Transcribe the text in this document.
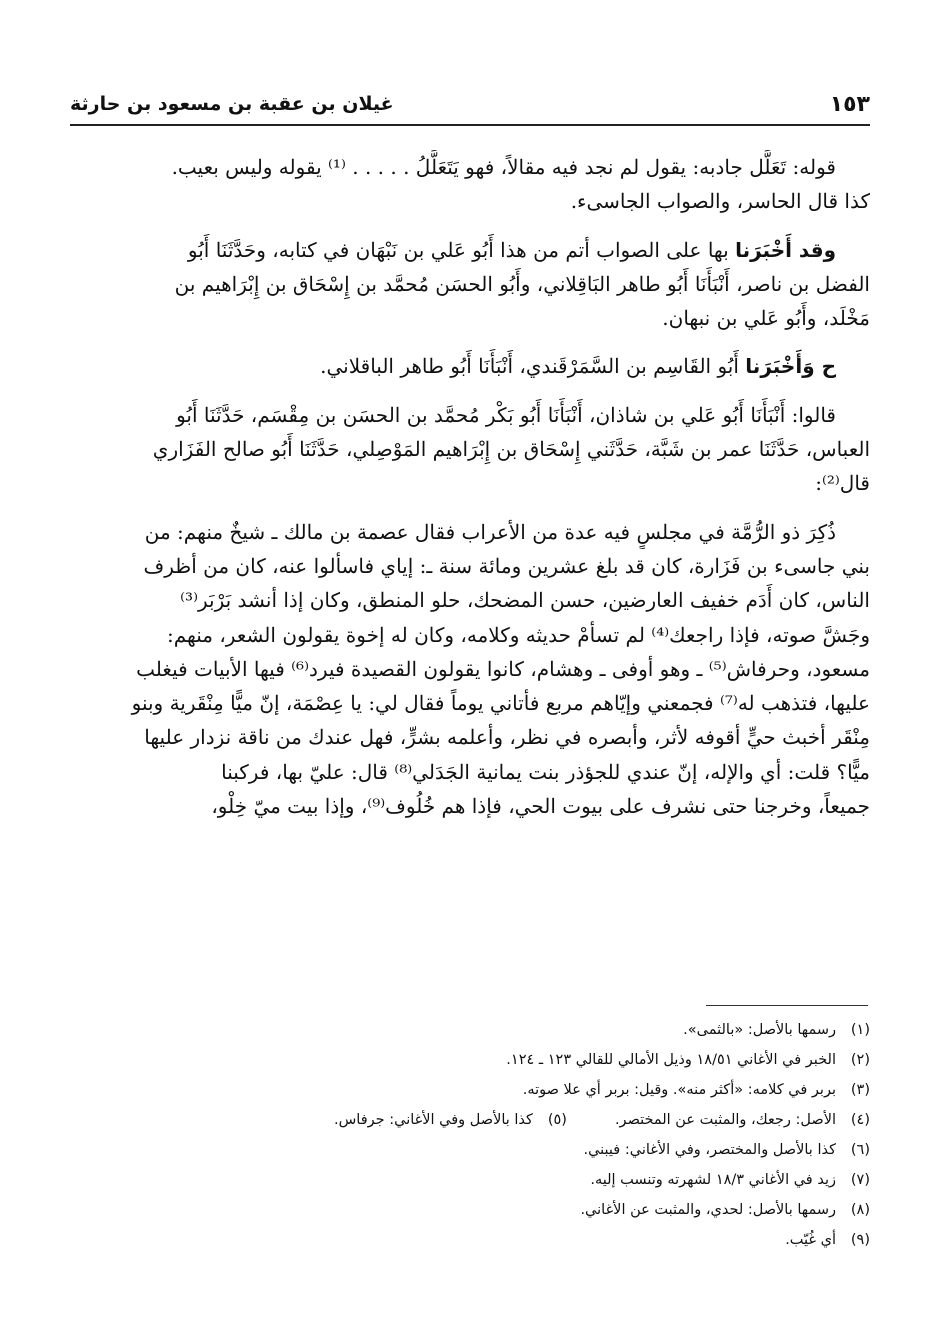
غيلان بن عقبة بن مسعود بن حارثة	١٥٣
قوله: تَعَلَّل جادبه: يقول لم نجد فيه مقالاً، فهو يَتَعَلَّلُ . . . . . ⁽¹⁾ يقوله وليس بعيب.
كذا قال الحاسر، والصواب الجاسىء.
وقد أَخْبَرَنا بها على الصواب أتم من هذا أَبُو عَلي بن نَبْهَان في كتابه، وحَدَّثَنَا أَبُو
الفضل بن ناصر، أَنْبَأَنَا أَبُو طاهر البَاقِلاني، وأَبُو الحسَن مُحمَّد بن إِسْحَاق بن إِبْرَاهيم بن
مَخْلَد، وأَبُو عَلي بن نبهان.
ح وَأَخْبَرَنا أَبُو القَاسِم بن السَّمَرْقَندي، أَنْبَأَنَا أَبُو طاهر الباقلاني.
قالوا: أَنْبَأَنَا أَبُو عَلي بن شاذان، أَنْبَأَنَا أَبُو بَكْر مُحمَّد بن الحسَن بن مِقْسَم، حَدَّثَنَا أَبُو
العباس، حَدَّثَنَا عمر بن شَبَّة، حَدَّثَني إِسْحَاق بن إِبْرَاهيم المَوْصِلي، حَدَّثَنَا أَبُو صالح الفَزَاري
قال⁽²⁾:
ذُكِرَ ذو الرُّمَّة في مجلسٍ فيه عدة من الأعراب فقال عصمة بن مالك ـ شيخٌ منهم: من
بني جاسىء بن فَزَارة، كان قد بلغ عشرين ومائة سنة ـ: إياي فاسألوا عنه، كان من أظرف
الناس، كان أَدَم خفيف العارضين، حسن المضحك، حلو المنطق، وكان إذا أنشد بَرْبَر⁽³⁾
وجَشَّ صوته، فإذا راجعك⁽⁴⁾ لم تسأمْ حديثه وكلامه، وكان له إخوة يقولون الشعر، منهم:
مسعود، وحرفاش⁽⁵⁾ ـ وهو أوفى ـ وهشام، كانوا يقولون القصيدة فيرد⁽⁶⁾ فيها الأبيات فيغلب
عليها، فتذهب له⁽⁷⁾ فجمعني وإيّاهم مربع فأتاني يوماً فقال لي: يا عِصْمَة، إنّ ميًّا مِنْقَرية وبنو
مِنْقَر أخبث حيٍّ أقوفه لأثر، وأبصره في نظر، وأعلمه بشرٍّ، فهل عندك من ناقة نزدار عليها
ميًّا؟ قلت: أي والإله، إنّ عندي للجؤذر بنت يمانية الجَدَلي⁽⁸⁾ قال: عليّ بها، فركبنا
جميعاً، وخرجنا حتى نشرف على بيوت الحي، فإذا هم خُلُوف⁽⁹⁾، وإذا بيت ميّ خِلْو،
(١)رسمها بالأصل: «بالثمى».
(٢)الخبر في الأغاني ١٨/٥١ وذيل الأمالي للقالي ١٢٣ ـ ١٢٤.
(٣)بربر في كلامه: «أكثر منه». وقيل: بربر أي علا صوته.
(٤)الأصل: رجعك، والمثبت عن المختصر.
(٥)كذا بالأصل وفي الأغاني: جرفاس.
(٦)كذا بالأصل والمختصر، وفي الأغاني: فيبني.
(٧)زيد في الأغاني ١٨/٣ لشهرته وتنسب إليه.
(٨)رسمها بالأصل: لحدي، والمثبت عن الأغاني.
(٩)أي غُيّب.
